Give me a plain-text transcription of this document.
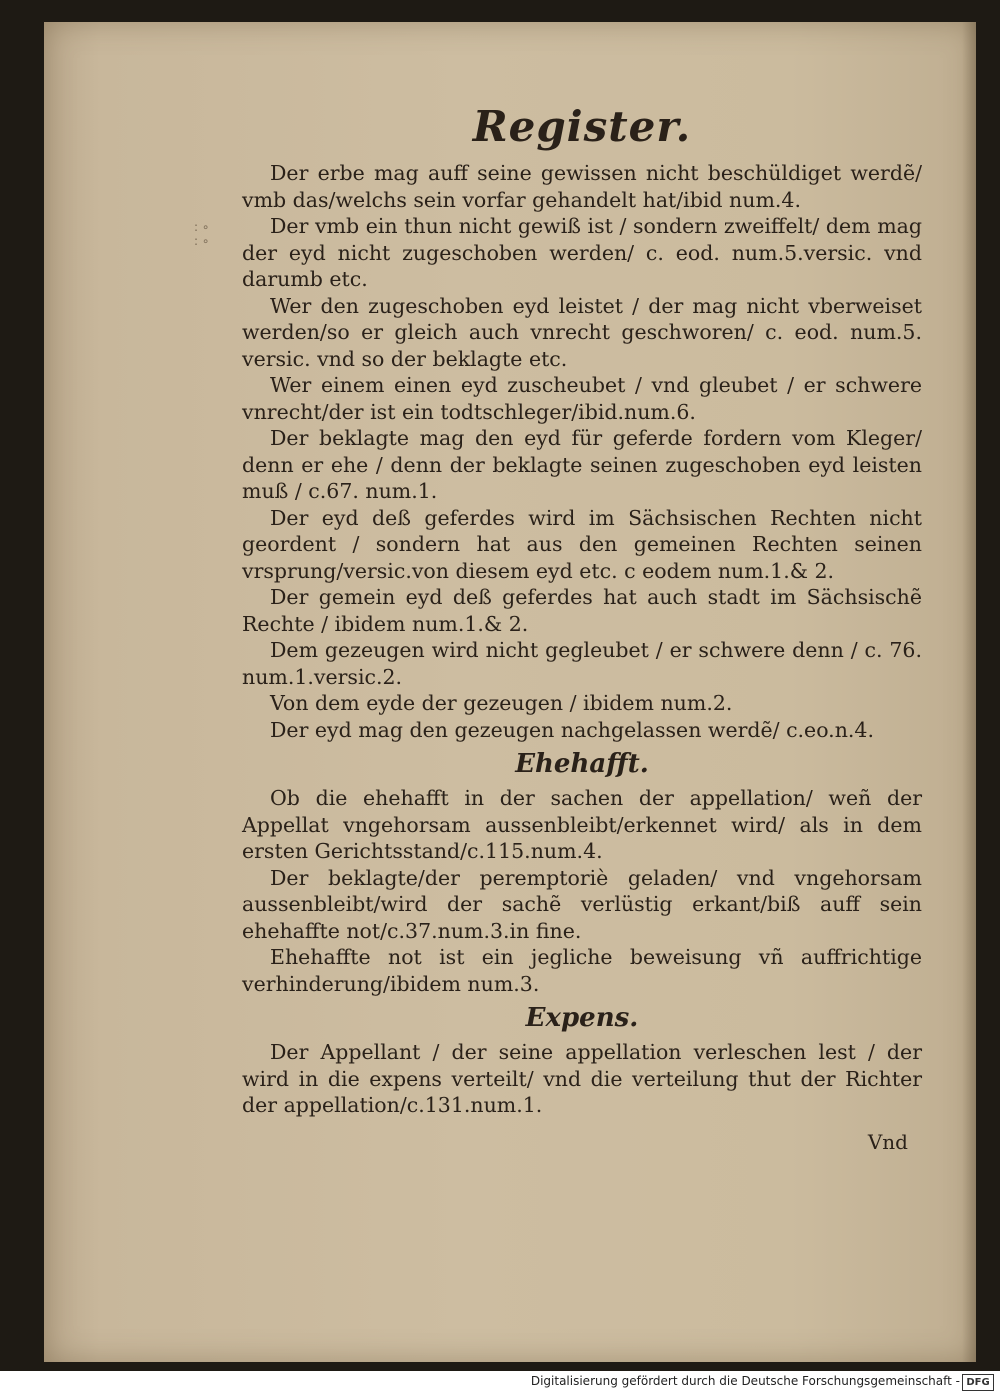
: ∘
: ∘
Register.

Der erbe mag auff seine gewissen nicht beschüldiget werdẽ/ vmb das/welchs sein vorfar gehandelt hat/ibid num.4.

Der vmb ein thun nicht gewiß ist / sondern zweiffelt/ dem mag der eyd nicht zugeschoben werden/ c. eod. num.5.versic. vnd darumb etc.

Wer den zugeschoben eyd leistet / der mag nicht vberweiset werden/so er gleich auch vnrecht geschworen/ c. eod. num.5. versic. vnd so der beklagte etc.

Wer einem einen eyd zuscheubet / vnd gleubet / er schwere vnrecht/der ist ein todtschleger/ibid.num.6.

Der beklagte mag den eyd für geferde fordern vom Kleger/ denn er ehe / denn der beklagte seinen zugeschoben eyd leisten muß / c.67. num.1.

Der eyd deß geferdes wird im Sächsischen Rechten nicht geordent / sondern hat aus den gemeinen Rechten seinen vrsprung/versic.von diesem eyd etc. c eodem num.1.& 2.

Der gemein eyd deß geferdes hat auch stadt im Sächsischẽ Rechte / ibidem num.1.& 2.

Dem gezeugen wird nicht gegleubet / er schwere denn / c. 76. num.1.versic.2.

Von dem eyde der gezeugen / ibidem num.2.

Der eyd mag den gezeugen nachgelassen werdẽ/ c.eo.n.4.

Ehehafft.

Ob die ehehafft in der sachen der appellation/ weñ der Appellat vngehorsam aussenbleibt/erkennet wird/ als in dem ersten Gerichtsstand/c.115.num.4.

Der beklagte/der peremptoriè geladen/ vnd vngehorsam aussenbleibt/wird der sachẽ verlüstig erkant/biß auff sein ehehaffte not/c.37.num.3.in fine.

Ehehaffte not ist ein jegliche beweisung vñ auffrichtige verhinderung/ibidem num.3.

Expens.

Der Appellant / der seine appellation verleschen lest / der wird in die expens verteilt/ vnd die verteilung thut der Richter der appellation/c.131.num.1.

Vnd
Digitalisierung gefördert durch die Deutsche Forschungsgemeinschaft - DFG
